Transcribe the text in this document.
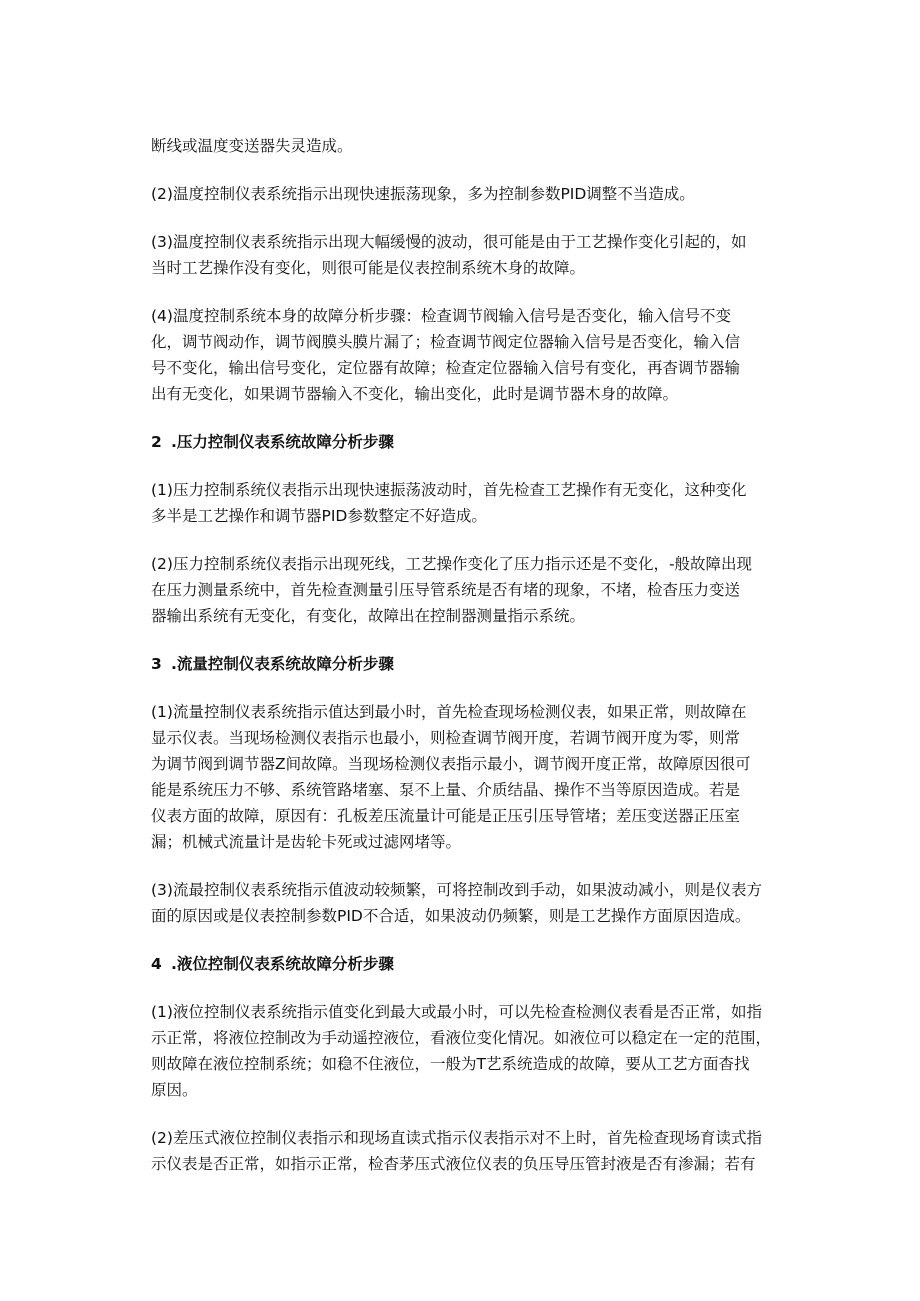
断线或温度变送器失灵造成。
(2)温度控制仪表系统指示出现快速振荡现象，多为控制参数PID调整不当造成。
(3)温度控制仪表系统指示出现大幅缓慢的波动，很可能是由于工艺操作变化引起的，如
当时工艺操作没有变化，则很可能是仪表控制系统木身的故障。
(4)温度控制系统本身的故障分析步骤：检查调节阀输入信号是否变化，输入信号不变
化，调节阀动作，调节阀膜头膜片漏了；检查调节阀定位器输入信号是否变化，输入信
号不变化，输出信号变化，定位器有故障；检查定位器输入信号有变化，再杳调节器输
出有无变化，如果调节器输入不变化，输出变化，此时是调节器木身的故障。
2 .压力控制仪表系统故障分析步骤
(1)压力控制系统仪表指示出现快速振荡波动时，首先检查工艺操作有无变化，这种变化
多半是工艺操作和调节器PID参数整定不好造成。
(2)压力控制系统仪表指示出现死线，工艺操作变化了压力指示还是不变化，-般故障出现
在压力测量系统中，首先检查测量引压导管系统是否有堵的现象，不堵，检杳压力变送
器输出系统有无变化，有变化，故障出在控制器测量指示系统。
3 .流量控制仪表系统故障分析步骤
(1)流量控制仪表系统指示值达到最小时，首先检查现场检测仪表，如果正常，则故障在
显示仪表。当现场检测仪表指示也最小，则检查调节阀开度，若调节阀开度为零，则常
为调节阀到调节器Z间故障。当现场检测仪表指示最小，调节阀开度正常，故障原因很可
能是系统压力不够、系统管路堵塞、泵不上量、介质结晶、操作不当等原因造成。若是
仪表方面的故障，原因有：孔板差压流量计可能是正压引压导管堵；差压变送器正压室
漏；机械式流量计是齿轮卡死或过滤网堵等。
(3)流最控制仪表系统指示值波动较频繁，可将控制改到手动，如果波动减小，则是仪表方
面的原因或是仪表控制参数PID不合适，如果波动仍频繁，则是工艺操作方面原因造成。
4 .液位控制仪表系统故障分析步骤
(1)液位控制仪表系统指示值变化到最大或最小时，可以先检查检测仪表看是否正常，如指
示正常，将液位控制改为手动遥控液位，看液位变化情况。如液位可以稳定在一定的范围，
则故障在液位控制系统；如稳不住液位，一般为T艺系统造成的故障，要从工艺方面杳找
原因。
(2)差压式液位控制仪表指示和现场直读式指示仪表指示对不上时，首先检查现场育读式指
示仪表是否正常，如指示正常，检杳茅压式液位仪表的负压导压管封液是否有渗漏；若有
